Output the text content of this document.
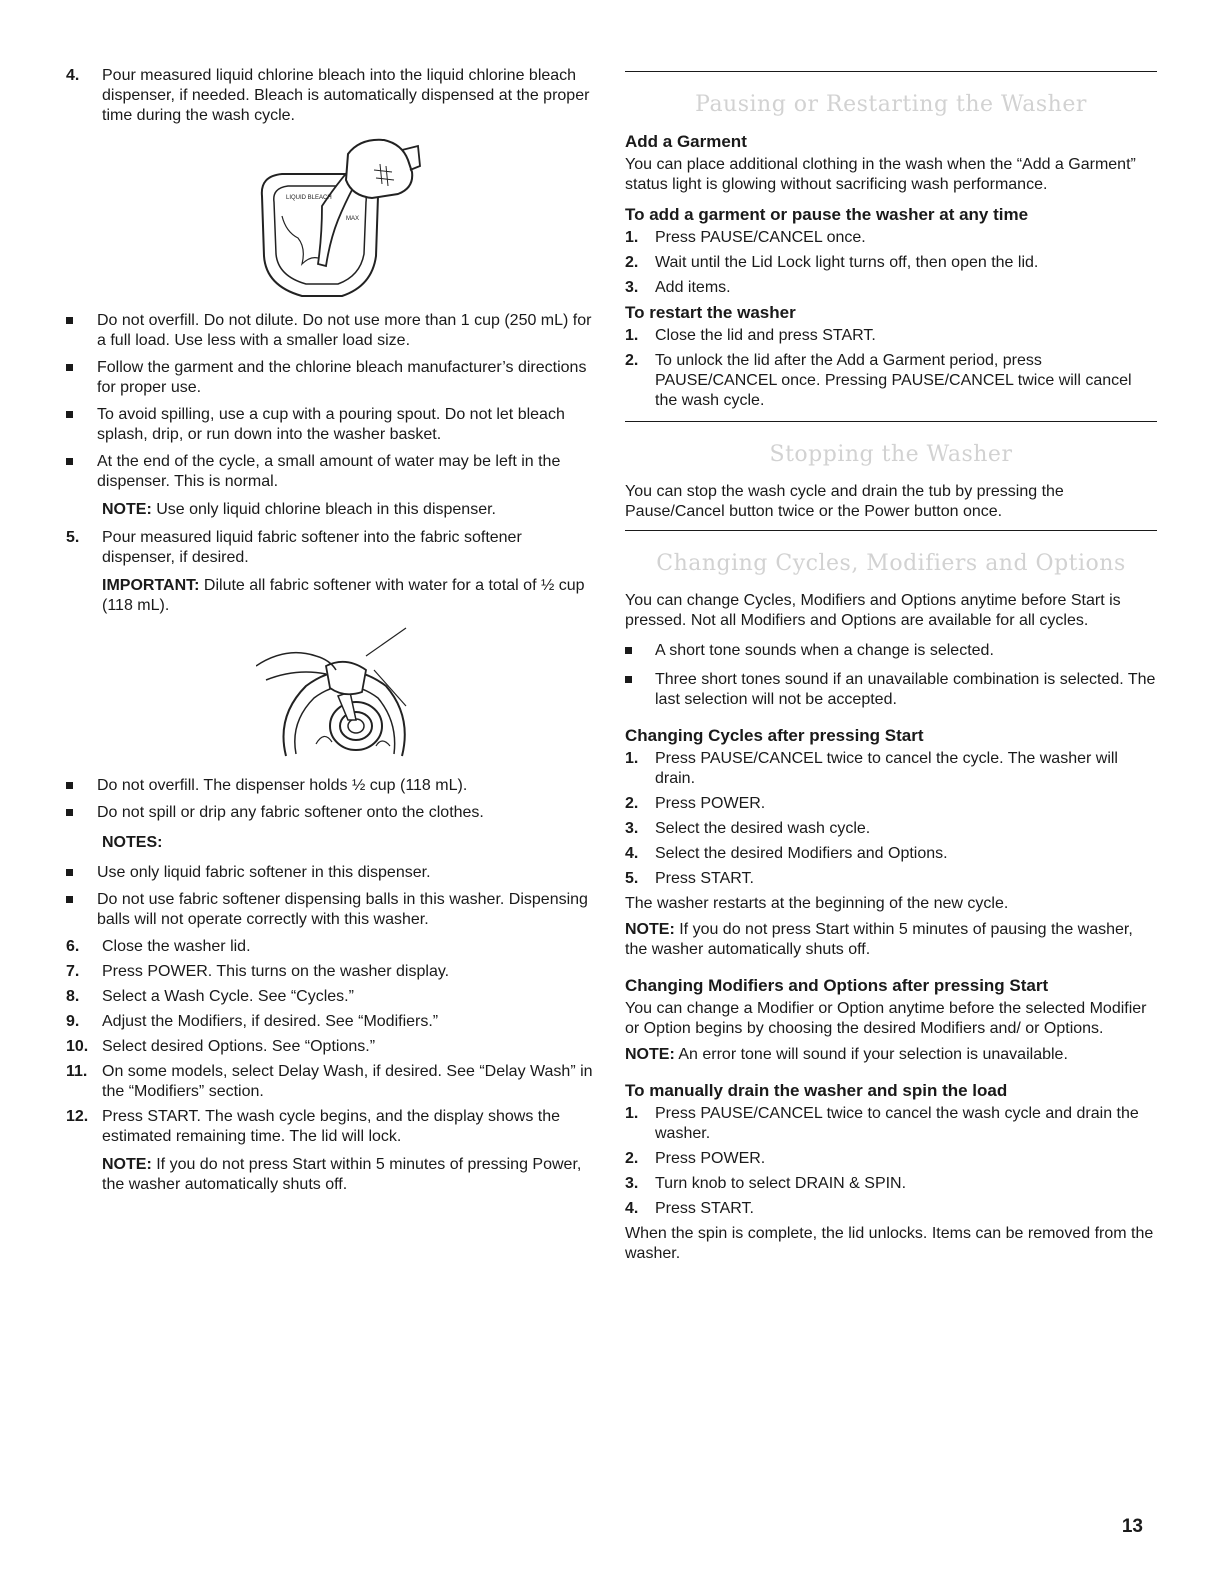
4.	Pour measured liquid chlorine bleach into the liquid chlorine bleach dispenser, if needed. Bleach is automatically dispensed at the proper time during the wash cycle.
LIQUID BLEACH
MAX
Do not overfill. Do not dilute. Do not use more than 1 cup (250 mL) for a full load. Use less with a smaller load size.
Follow the garment and the chlorine bleach manufacturer’s directions for proper use.
To avoid spilling, use a cup with a pouring spout. Do not let bleach splash, drip, or run down into the washer basket.
At the end of the cycle, a small amount of water may be left in the dispenser. This is normal.
NOTE: Use only liquid chlorine bleach in this dispenser.
5.	Pour measured liquid fabric softener into the fabric softener dispenser, if desired.
IMPORTANT: Dilute all fabric softener with water for a total of ½ cup (118 mL).
Do not overfill. The dispenser holds ½ cup (118 mL).
Do not spill or drip any fabric softener onto the clothes.
NOTES:
Use only liquid fabric softener in this dispenser.
Do not use fabric softener dispensing balls in this washer. Dispensing balls will not operate correctly with this washer.
6.	Close the washer lid.
7.	Press POWER. This turns on the washer display.
8.	Select a Wash Cycle. See “Cycles.”
9.	Adjust the Modifiers, if desired. See “Modifiers.”
10. Select desired Options. See “Options.”
11. On some models, select Delay Wash, if desired. See “Delay Wash” in the “Modifiers” section.
12. Press START. The wash cycle begins, and the display shows the estimated remaining time. The lid will lock.
NOTE: If you do not press Start within 5 minutes of pressing Power, the washer automatically shuts off.
Pausing or Restarting the Washer
Add a Garment
You can place additional clothing in the wash when the “Add a Garment” status light is glowing without sacrificing wash performance.
To add a garment or pause the washer at any time
1.	Press PAUSE/CANCEL once.
2.	Wait until the Lid Lock light turns off, then open the lid.
3.	Add items.
To restart the washer
1.	Close the lid and press START.
2.	To unlock the lid after the Add a Garment period, press PAUSE/CANCEL once. Pressing PAUSE/CANCEL twice will cancel the wash cycle.
Stopping the Washer
You can stop the wash cycle and drain the tub by pressing the Pause/Cancel button twice or the Power button once.
Changing Cycles, Modifiers and Options
You can change Cycles, Modifiers and Options anytime before Start is pressed. Not all Modifiers and Options are available for all cycles.
A short tone sounds when a change is selected.
Three short tones sound if an unavailable combination is selected. The last selection will not be accepted.
Changing Cycles after pressing Start
1.	Press PAUSE/CANCEL twice to cancel the cycle. The washer will drain.
2.	Press POWER.
3.	Select the desired wash cycle.
4.	Select the desired Modifiers and Options.
5.	Press START.
The washer restarts at the beginning of the new cycle.
NOTE: If you do not press Start within 5 minutes of pausing the washer, the washer automatically shuts off.
Changing Modifiers and Options after pressing Start
You can change a Modifier or Option anytime before the selected Modifier or Option begins by choosing the desired Modifiers and/ or Options.
NOTE: An error tone will sound if your selection is unavailable.
To manually drain the washer and spin the load
1.	Press PAUSE/CANCEL twice to cancel the wash cycle and drain the washer.
2.	Press POWER.
3.	Turn knob to select DRAIN & SPIN.
4.	Press START.
When the spin is complete, the lid unlocks. Items can be removed from the washer.
13
